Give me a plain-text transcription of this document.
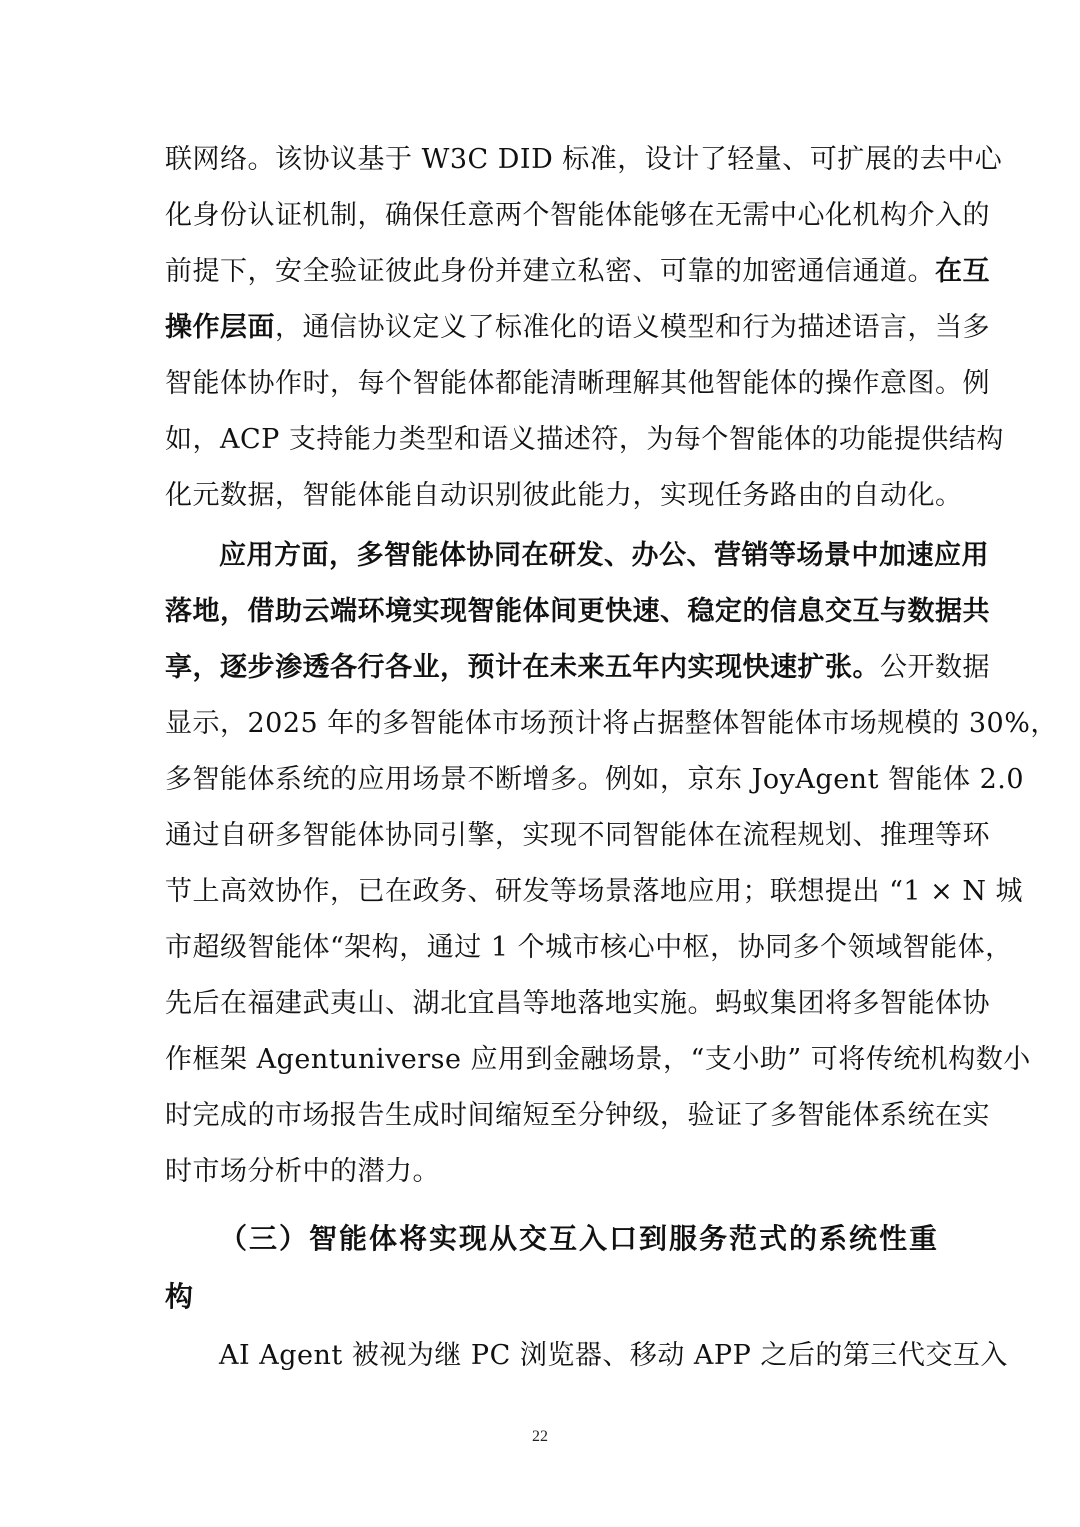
联网络。该协议基于 W3C DID 标准，设计了轻量、可扩展的去中心
化身份认证机制，确保任意两个智能体能够在无需中心化机构介入的
前提下，安全验证彼此身份并建立私密、可靠的加密通信通道。在互
操作层面，通信协议定义了标准化的语义模型和行为描述语言，当多
智能体协作时，每个智能体都能清晰理解其他智能体的操作意图。例
如，ACP 支持能力类型和语义描述符，为每个智能体的功能提供结构
化元数据，智能体能自动识别彼此能力，实现任务路由的自动化。
应用方面，多智能体协同在研发、办公、营销等场景中加速应用
落地，借助云端环境实现智能体间更快速、稳定的信息交互与数据共
享，逐步渗透各行各业，预计在未来五年内实现快速扩张。公开数据
显示，2025 年的多智能体市场预计将占据整体智能体市场规模的 30%，
多智能体系统的应用场景不断增多。例如，京东 JoyAgent 智能体 2.0
通过自研多智能体协同引擎，实现不同智能体在流程规划、推理等环
节上高效协作，已在政务、研发等场景落地应用；联想提出 “1 × N 城
市超级智能体“架构，通过 1 个城市核心中枢，协同多个领域智能体，
先后在福建武夷山、湖北宜昌等地落地实施。蚂蚁集团将多智能体协
作框架 Agentuniverse 应用到金融场景，“支小助” 可将传统机构数小
时完成的市场报告生成时间缩短至分钟级，验证了多智能体系统在实
时市场分析中的潜力。
（三）智能体将实现从交互入口到服务范式的系统性重
构
AI Agent 被视为继 PC 浏览器、移动 APP 之后的第三代交互入
22
